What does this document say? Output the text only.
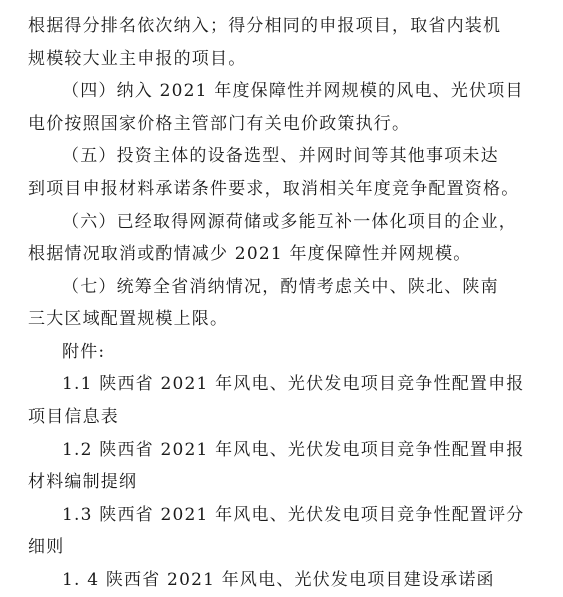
根据得分排名依次纳入；得分相同的申报项目，取省内装机
规模较大业主申报的项目。
（四）纳入 2021 年度保障性并网规模的风电、光伏项目
电价按照国家价格主管部门有关电价政策执行。
（五）投资主体的设备选型、并网时间等其他事项未达
到项目申报材料承诺条件要求，取消相关年度竞争配置资格。
（六）已经取得网源荷储或多能互补一体化项目的企业，
根据情况取消或酌情减少 2021 年度保障性并网规模。
（七）统筹全省消纳情况，酌情考虑关中、陕北、陕南
三大区域配置规模上限。
附件:
1.1 陕西省 2021 年风电、光伏发电项目竞争性配置申报
项目信息表
1.2 陕西省 2021 年风电、光伏发电项目竞争性配置申报
材料编制提纲
1.3 陕西省 2021 年风电、光伏发电项目竞争性配置评分
细则
1. 4 陕西省 2021 年风电、光伏发电项目建设承诺函
